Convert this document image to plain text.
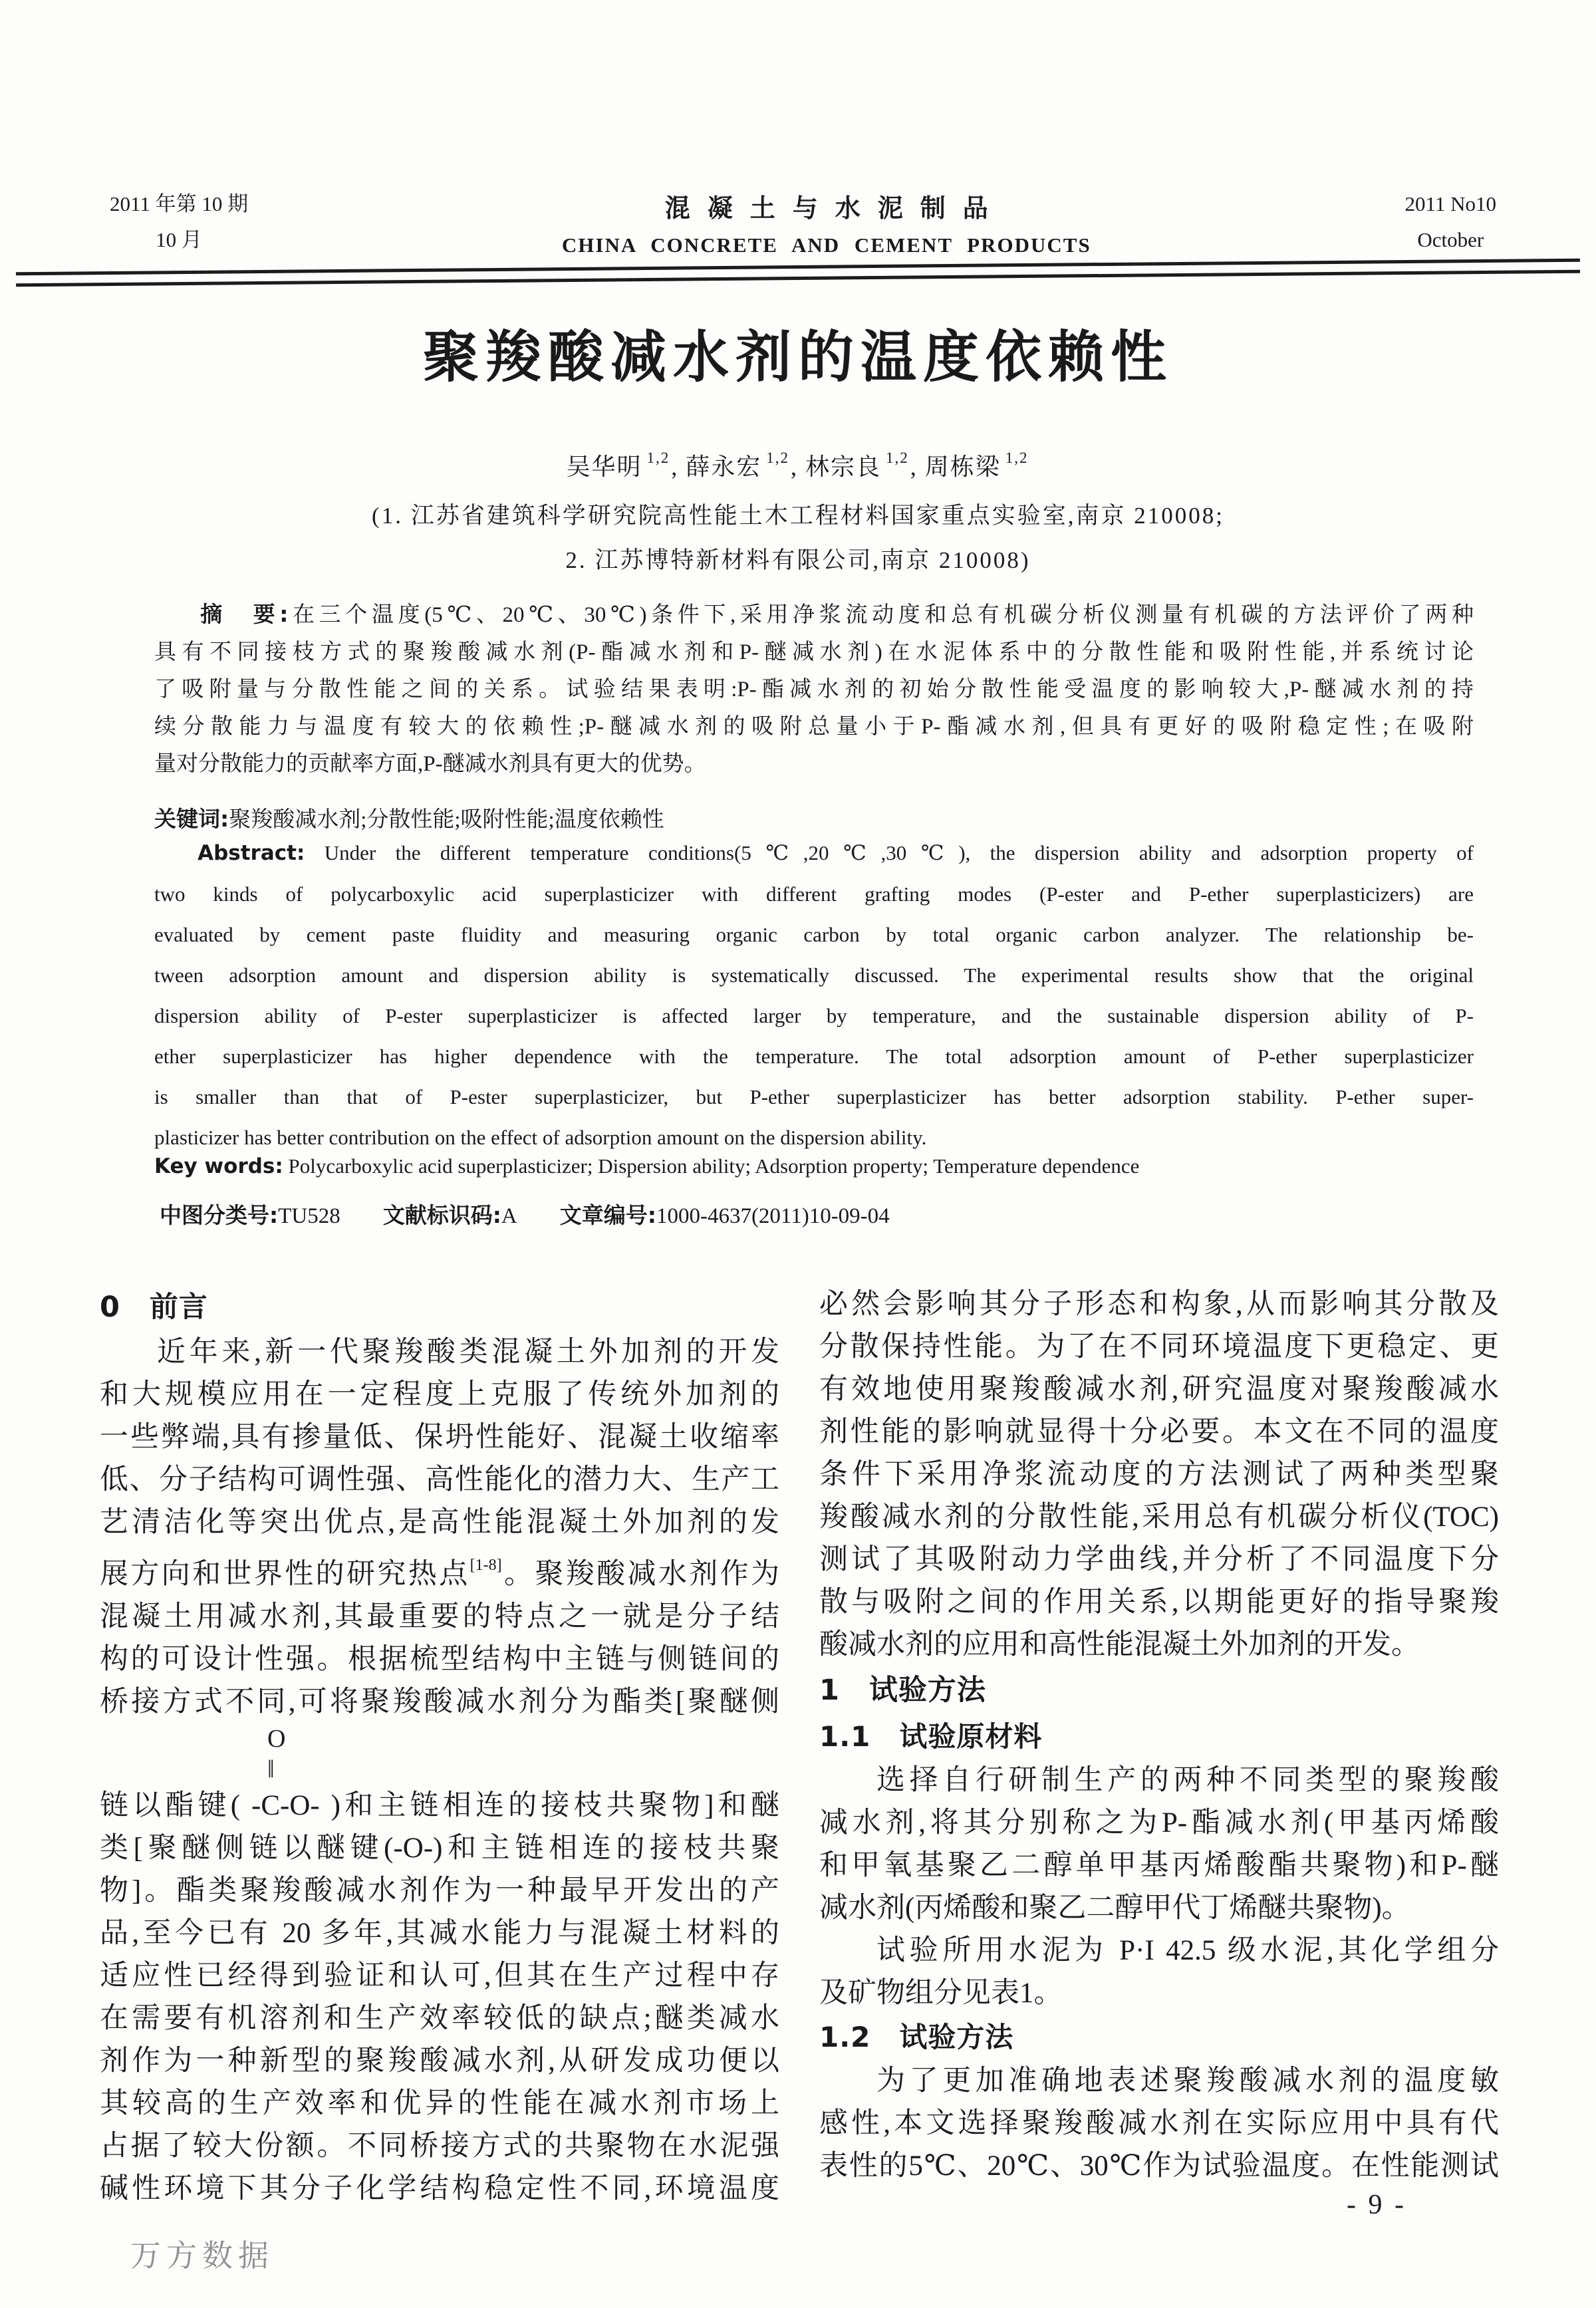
2011 年第 10 期
10 月
混凝土与水泥制品
CHINA CONCRETE AND CEMENT PRODUCTS
2011 No10
October
聚羧酸减水剂的温度依赖性
吴华明 $^{1,2}$, 薛永宏 $^{1,2}$, 林宗良 $^{1,2}$, 周栋梁 $^{1,2}$
(1. 江苏省建筑科学研究院高性能土木工程材料国家重点实验室,南京 210008;
2. 江苏博特新材料有限公司,南京 210008)
摘　要:在三个温度(5℃、20℃、30℃)条件下,采用净浆流动度和总有机碳分析仪测量有机碳的方法评价了两种
具有不同接枝方式的聚羧酸减水剂(P-酯减水剂和P-醚减水剂)在水泥体系中的分散性能和吸附性能,并系统讨论
了吸附量与分散性能之间的关系。试验结果表明:P-酯减水剂的初始分散性能受温度的影响较大,P-醚减水剂的持
续分散能力与温度有较大的依赖性;P-醚减水剂的吸附总量小于P-酯减水剂,但具有更好的吸附稳定性;在吸附
量对分散能力的贡献率方面,P-醚减水剂具有更大的优势。
关键词:聚羧酸减水剂;分散性能;吸附性能;温度依赖性
Abstract: Under the different temperature conditions(5℃,20℃,30℃), the dispersion ability and adsorption property of
two kinds of polycarboxylic acid superplasticizer with different grafting modes (P-ester and P-ether superplasticizers) are
evaluated by cement paste fluidity and measuring organic carbon by total organic carbon analyzer. The relationship be-
tween adsorption amount and dispersion ability is systematically discussed. The experimental results show that the original
dispersion ability of P-ester superplasticizer is affected larger by temperature, and the sustainable dispersion ability of P-
ether superplasticizer has higher dependence with the temperature. The total adsorption amount of P-ether superplasticizer
is smaller than that of P-ester superplasticizer, but P-ether superplasticizer has better adsorption stability. P-ether super-
plasticizer has better contribution on the effect of adsorption amount on the dispersion ability.
Key words: Polycarboxylic acid superplasticizer; Dispersion ability; Adsorption property; Temperature dependence
中图分类号:TU528 文献标识码:A 文章编号:1000-4637(2011)10-09-04
0　前言
近年来,新一代聚羧酸类混凝土外加剂的开发
和大规模应用在一定程度上克服了传统外加剂的
一些弊端,具有掺量低、保坍性能好、混凝土收缩率
低、分子结构可调性强、高性能化的潜力大、生产工
艺清洁化等突出优点,是高性能混凝土外加剂的发
展方向和世界性的研究热点[1-8]。聚羧酸减水剂作为
混凝土用减水剂,其最重要的特点之一就是分子结
构的可设计性强。根据梳型结构中主链与侧链间的
桥接方式不同,可将聚羧酸减水剂分为酯类[聚醚侧
O
‖
链以酯键( -C-O- )和主链相连的接枝共聚物]和醚
类[聚醚侧链以醚键(-O-)和主链相连的接枝共聚
物]。酯类聚羧酸减水剂作为一种最早开发出的产
品,至今已有 20 多年,其减水能力与混凝土材料的
适应性已经得到验证和认可,但其在生产过程中存
在需要有机溶剂和生产效率较低的缺点;醚类减水
剂作为一种新型的聚羧酸减水剂,从研发成功便以
其较高的生产效率和优异的性能在减水剂市场上
占据了较大份额。不同桥接方式的共聚物在水泥强
碱性环境下其分子化学结构稳定性不同,环境温度
必然会影响其分子形态和构象,从而影响其分散及
分散保持性能。为了在不同环境温度下更稳定、更
有效地使用聚羧酸减水剂,研究温度对聚羧酸减水
剂性能的影响就显得十分必要。本文在不同的温度
条件下采用净浆流动度的方法测试了两种类型聚
羧酸减水剂的分散性能,采用总有机碳分析仪(TOC)
测试了其吸附动力学曲线,并分析了不同温度下分
散与吸附之间的作用关系,以期能更好的指导聚羧
酸减水剂的应用和高性能混凝土外加剂的开发。
1　试验方法
1.1　试验原材料
选择自行研制生产的两种不同类型的聚羧酸
减水剂,将其分别称之为P-酯减水剂(甲基丙烯酸
和甲氧基聚乙二醇单甲基丙烯酸酯共聚物)和P-醚
减水剂(丙烯酸和聚乙二醇甲代丁烯醚共聚物)。
试验所用水泥为 P·I 42.5 级水泥,其化学组分
及矿物组分见表1。
1.2　试验方法
为了更加准确地表述聚羧酸减水剂的温度敏
感性,本文选择聚羧酸减水剂在实际应用中具有代
表性的5℃、20℃、30℃作为试验温度。在性能测试
- 9 -
万方数据
